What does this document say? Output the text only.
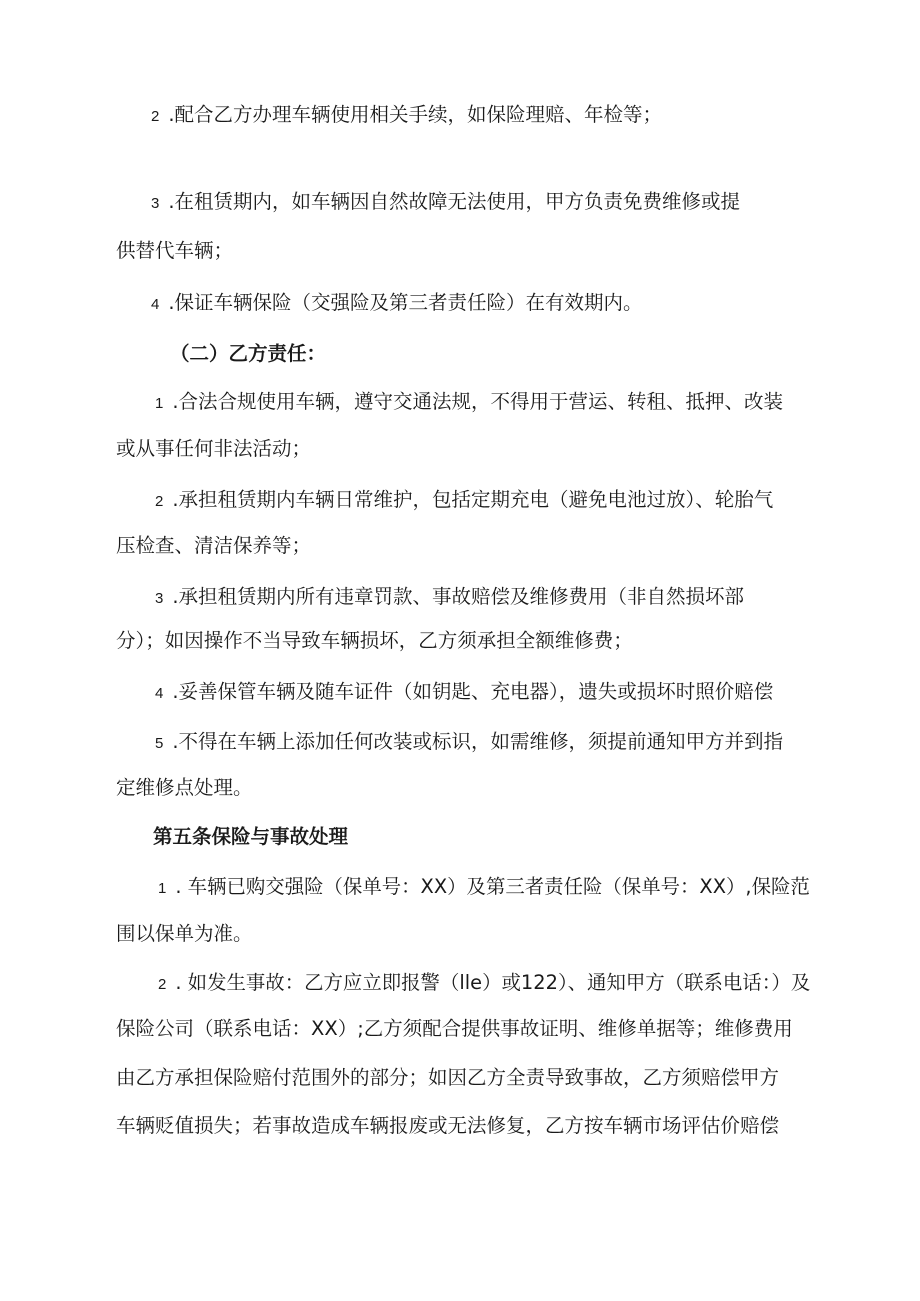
2 .配合乙方办理车辆使用相关手续，如保险理赔、年检等；
3 .在租赁期内，如车辆因自然故障无法使用，甲方负责免费维修或提
供替代车辆；
4 .保证车辆保险（交强险及第三者责任险）在有效期内。
（二）乙方责任：
1 .合法合规使用车辆，遵守交通法规，不得用于营运、转租、抵押、改装
或从事任何非法活动；
2 .承担租赁期内车辆日常维护，包括定期充电（避免电池过放）、轮胎气
压检查、清洁保养等；
3 .承担租赁期内所有违章罚款、事故赔偿及维修费用（非自然损坏部
分）；如因操作不当导致车辆损坏，乙方须承担全额维修费；
4 .妥善保管车辆及随车证件（如钥匙、充电器），遗失或损坏时照价赔偿
5 .不得在车辆上添加任何改装或标识，如需维修，须提前通知甲方并到指
定维修点处理。
第五条保险与事故处理
1 . 车辆已购交强险（保单号：XX）及第三者责任险（保单号：XX）,保险范
围以保单为准。
2 . 如发生事故：乙方应立即报警（lle）或122）、通知甲方（联系电话：）及
保险公司（联系电话：XX）;乙方须配合提供事故证明、维修单据等；维修费用
由乙方承担保险赔付范围外的部分；如因乙方全责导致事故，乙方须赔偿甲方
车辆贬值损失；若事故造成车辆报废或无法修复，乙方按车辆市场评估价赔偿
